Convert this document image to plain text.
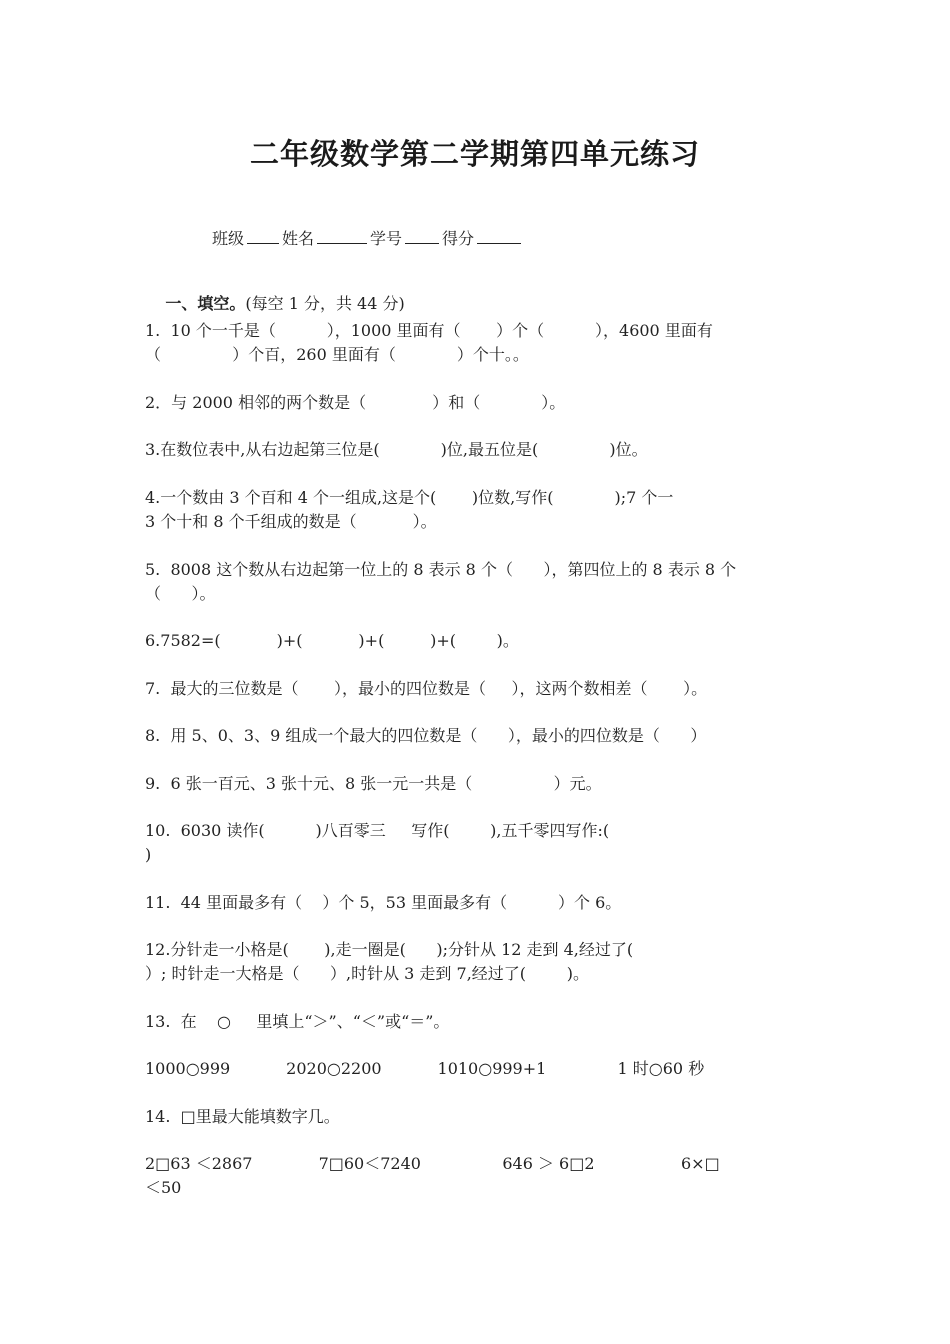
二年级数学第二学期第四单元练习
班级 姓名	学号	得分

一、填空。(每空 1 分，共 44 分)

1.  10 个一千是（          ），1000 里面有（       ）个（          ），4600 里面有
（              ）个百，260 里面有（            ）个十。。
2．与 2000 相邻的两个数是（             ）和（            ）。
3.在数位表中,从右边起第三位是(            )位,最五位是(              )位。
4.一个数由 3 个百和 4 个一组成,这是个(       )位数,写作(            );7 个一
3 个十和 8 个千组成的数是（           ）。
5.  8008 这个数从右边起第一位上的 8 表示 8 个（      ），第四位上的 8 表示 8 个
（      ）。
6.7582=(           )+(           )+(         )+(        )。
7.  最大的三位数是（       ），最小的四位数是（     ），这两个数相差（       ）。
8.  用 5、0、3、9 组成一个最大的四位数是（      ），最小的四位数是（      ）
9.  6 张一百元、3 张十元、8 张一元一共是（                ）元。
10.  6030 读作(          )八百零三     写作(        ),五千零四写作:(
)
11.  44 里面最多有（    ）个 5，53 里面最多有（          ）个 6。
12.分针走一小格是(       ),走一圈是(      );分针从 12 走到 4,经过了(
）; 时针走一大格是（      ）,时针从 3 走到 7,经过了(        )。
13.  在    ○     里填上“＞”、“＜”或“＝”。
1000○999           2020○2200           1010○999+1              1 时○60 秒
14.  □里最大能填数字几。
2□63 ＜2867             7□60＜7240                646 ＞ 6□2                 6×□
＜50
